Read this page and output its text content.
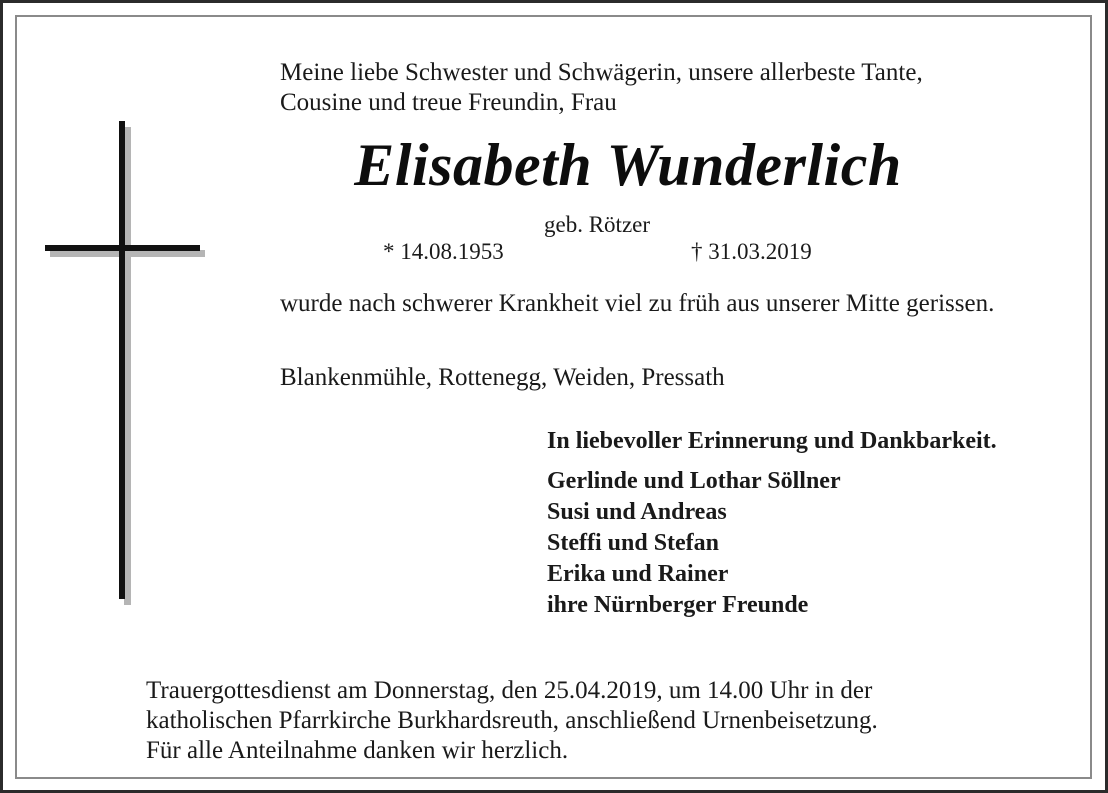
Meine liebe Schwester und Schwägerin, unsere allerbeste Tante,
Cousine und treue Freundin, Frau
Elisabeth Wunderlich
geb. Rötzer
* 14.08.1953	† 31.03.2019
wurde nach schwerer Krankheit viel zu früh aus unserer Mitte gerissen.
Blankenmühle, Rottenegg, Weiden, Pressath
In liebevoller Erinnerung und Dankbarkeit.
Gerlinde und Lothar Söllner
Susi und Andreas
Steffi und Stefan
Erika und Rainer
ihre Nürnberger Freunde
Trauergottesdienst am Donnerstag, den 25.04.2019, um 14.00 Uhr in der
katholischen Pfarrkirche Burkhardsreuth, anschließend Urnenbeisetzung.
Für alle Anteilnahme danken wir herzlich.
